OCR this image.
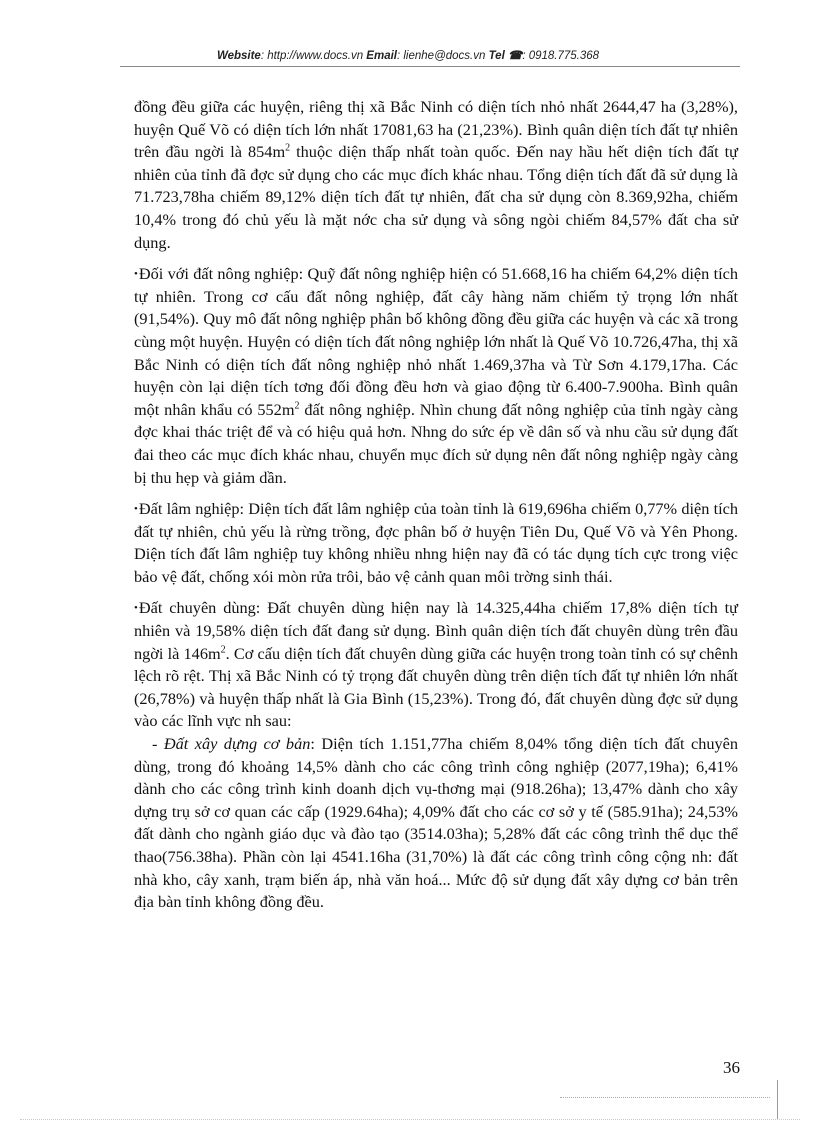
Website: http://www.docs.vn Email: lienhe@docs.vn Tel ☎: 0918.775.368

đồng đều giữa các huyện, riêng thị xã Bắc Ninh có diện tích nhỏ nhất 2644,47 ha (3,28%), huyện Quế Võ có diện tích lớn nhất 17081,63 ha (21,23%). Bình quân diện tích đất tự nhiên trên đầu ngời là $854m^2$ thuộc diện thấp nhất toàn quốc. Đến nay hầu hết diện tích đất tự nhiên của tỉnh đã đợc sử dụng cho các mục đích khác nhau. Tổng diện tích đất đã sử dụng là 71.723,78ha chiếm 89,12% diện tích đất tự nhiên, đất cha sử dụng còn 8.369,92ha, chiếm 10,4% trong đó chủ yếu là mặt nớc cha sử dụng và sông ngòi chiếm 84,57% đất cha sử dụng.

•Đối với đất nông nghiệp: Quỹ đất nông nghiệp hiện có 51.668,16 ha chiếm 64,2% diện tích tự nhiên. Trong cơ cấu đất nông nghiệp, đất cây hàng năm chiếm tỷ trọng lớn nhất (91,54%). Quy mô đất nông nghiệp phân bố không đồng đều giữa các huyện và các xã trong cùng một huyện. Huyện có diện tích đất nông nghiệp lớn nhất là Quế Võ 10.726,47ha, thị xã Bắc Ninh có diện tích đất nông nghiệp nhỏ nhất 1.469,37ha và Từ Sơn 4.179,17ha. Các huyện còn lại diện tích tơng đối đồng đều hơn và giao động từ 6.400-7.900ha. Bình quân một nhân khẩu có $552m^2$ đất nông nghiệp. Nhìn chung đất nông nghiệp của tỉnh ngày càng đợc khai thác triệt để và có hiệu quả hơn. Nhng do sức ép về dân số và nhu cầu sử dụng đất đai theo các mục đích khác nhau, chuyển mục đích sử dụng nên đất nông nghiệp ngày càng bị thu hẹp và giảm dần.

•Đất lâm nghiệp: Diện tích đất lâm nghiệp của toàn tỉnh là 619,696ha chiếm 0,77% diện tích đất tự nhiên, chủ yếu là rừng trồng, đợc phân bố ở huyện Tiên Du, Quế Võ và Yên Phong. Diện tích đất lâm nghiệp tuy không nhiều nhng hiện nay đã có tác dụng tích cực trong việc bảo vệ đất, chống xói mòn rửa trôi, bảo vệ cảnh quan môi trờng sinh thái.

•Đất chuyên dùng: Đất chuyên dùng hiện nay là 14.325,44ha chiếm 17,8% diện tích tự nhiên và 19,58% diện tích đất đang sử dụng. Bình quân diện tích đất chuyên dùng trên đầu ngời là $146m^2$. Cơ cấu diện tích đất chuyên dùng giữa các huyện trong toàn tỉnh có sự chênh lệch rõ rệt. Thị xã Bắc Ninh có tỷ trọng đất chuyên dùng trên diện tích đất tự nhiên lớn nhất (26,78%) và huyện thấp nhất là Gia Bình (15,23%). Trong đó, đất chuyên dùng đợc sử dụng vào các lĩnh vực nh sau:

- Đất xây dựng cơ bản: Diện tích 1.151,77ha chiếm 8,04% tổng diện tích đất chuyên dùng, trong đó khoảng 14,5% dành cho các công trình công nghiệp (2077,19ha); 6,41% dành cho các công trình kinh doanh dịch vụ-thơng mại (918.26ha); 13,47% dành cho xây dựng trụ sở cơ quan các cấp (1929.64ha); 4,09% đất cho các cơ sở y tế (585.91ha); 24,53% đất dành cho ngành giáo dục và đào tạo (3514.03ha); 5,28% đất các công trình thể dục thể thao(756.38ha). Phần còn lại 4541.16ha (31,70%) là đất các công trình công cộng nh: đất nhà kho, cây xanh, trạm biến áp, nhà văn hoá... Mức độ sử dụng đất xây dựng cơ bản trên địa bàn tỉnh không đồng đều.

36
